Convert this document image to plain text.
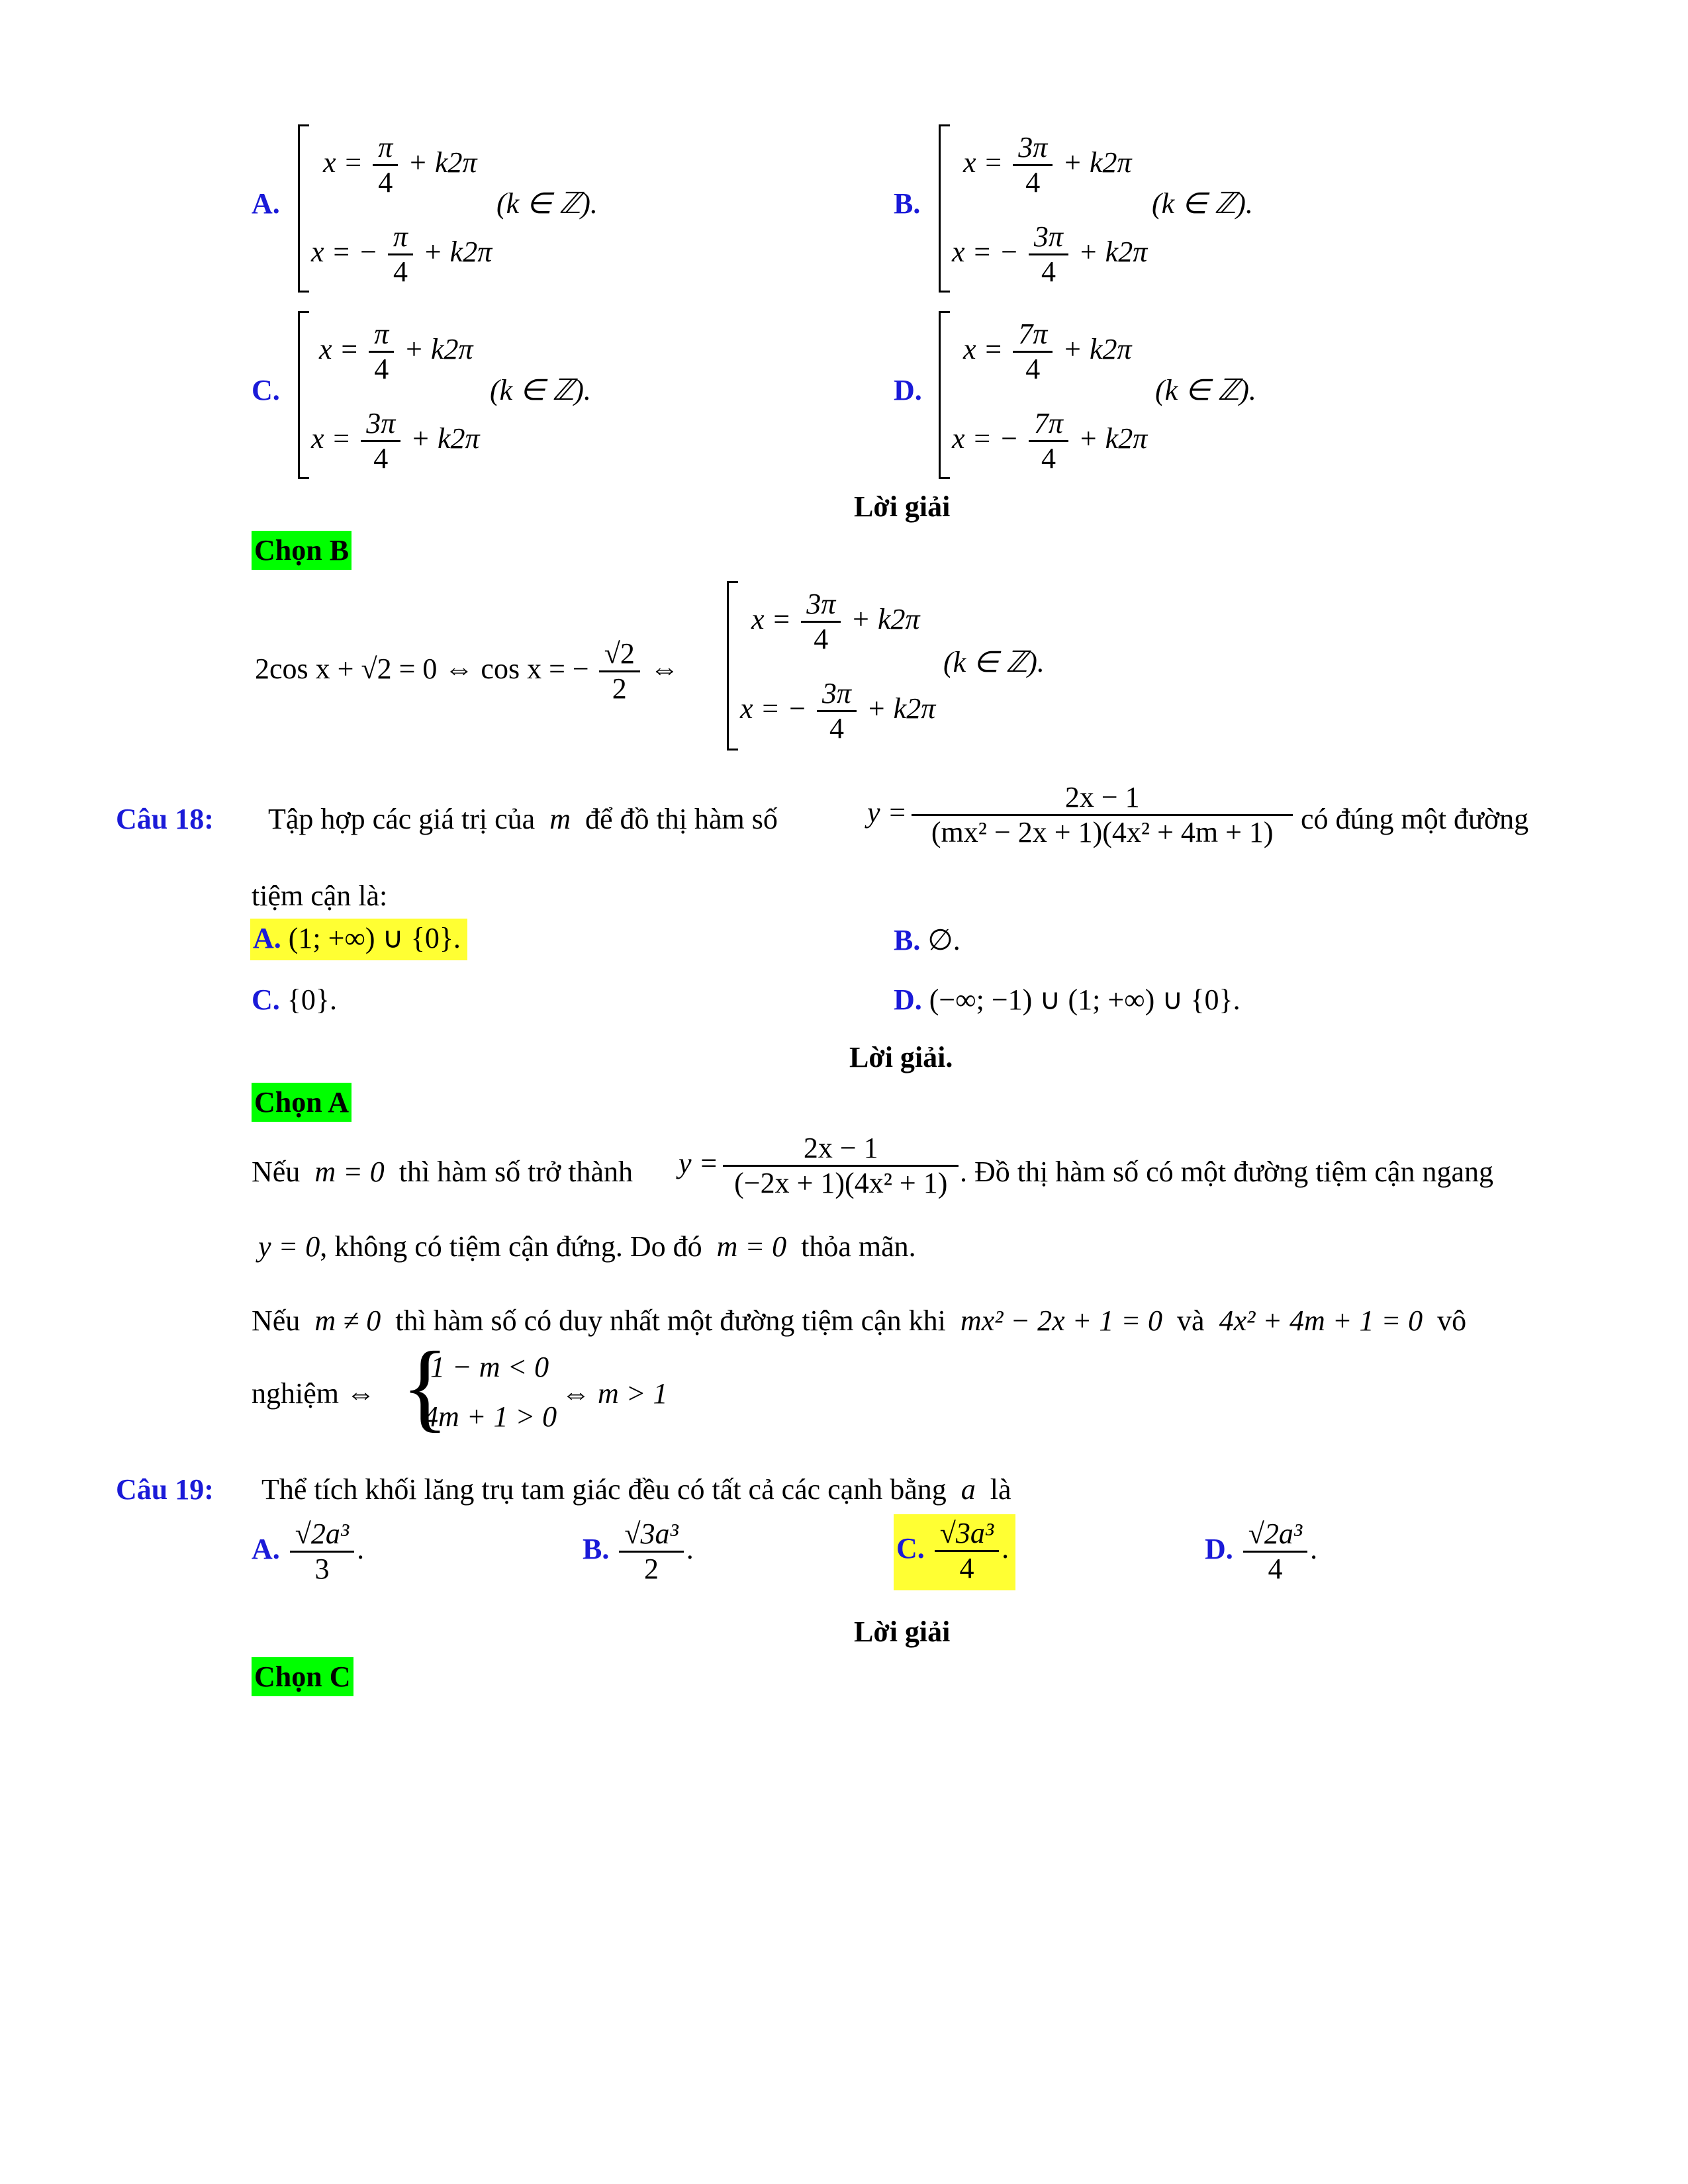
A.
$x = \frac{\pi}{4} + k2\pi$
x = − $\frac{\pi}{4} + k2\pi$
(k ∈ ℤ).	B.
$x = \frac{3\pi}{4} + k2\pi$
x = − $\frac{3\pi}{4} + k2\pi$
(k ∈ ℤ).
C.
$x = \frac{\pi}{4} + k2\pi$
$x = \frac{3\pi}{4} + k2\pi$
(k ∈ ℤ).	D.
$x = \frac{7\pi}{4} + k2\pi$
x = − $\frac{7\pi}{4} + k2\pi$
(k ∈ ℤ).
Lời giải
Chọn B
2cos x + √2 = 0 ⇔ cos x = − $\frac{√2}{2}$ ⇔
$x = \frac{3\pi}{4} + k2\pi$
x = − $\frac{3\pi}{4} + k2\pi$
(k ∈ ℤ).
Câu 18: Tập hợp các giá trị của m để đồ thị hàm số	$y = \frac{2x - 1}{\text{(mx² − 2x + 1)(4x² + 4m + 1)}}$ có đúng một đường
tiệm cận là:
A. (1; +∞) ∪ {0}.	B. ∅.
C. {0}.	D. (−∞; −1) ∪ (1; +∞) ∪ {0}.
Lời giải.
Chọn A
Nếu m = 0 thì hàm số trở thành $y = \frac{2x - 1}{\text{(−2x + 1)(4x² + 1)}}$ . Đồ thị hàm số có một đường tiệm cận ngang
y = 0, không có tiệm cận đứng. Do đó m = 0 thỏa mãn.
Nếu m ≠ 0 thì hàm số có duy nhất một đường tiệm cận khi mx² − 2x + 1 = 0 và 4x² + 4m + 1 = 0 vô
nghiệm ⇔ {
1 − m < 0
4m + 1 > 0
⇔ m > 1
Câu 19: Thể tích khối lăng trụ tam giác đều có tất cả các cạnh bằng a là
A. $\frac{\text{√2a³}}{3}$ .	B. $\frac{\text{√3a³}}{2}$ .	C. $\frac{\text{√3a³}}{4}$ .	D. $\frac{\text{√2a³}}{4}$ .
Lời giải
Chọn C
